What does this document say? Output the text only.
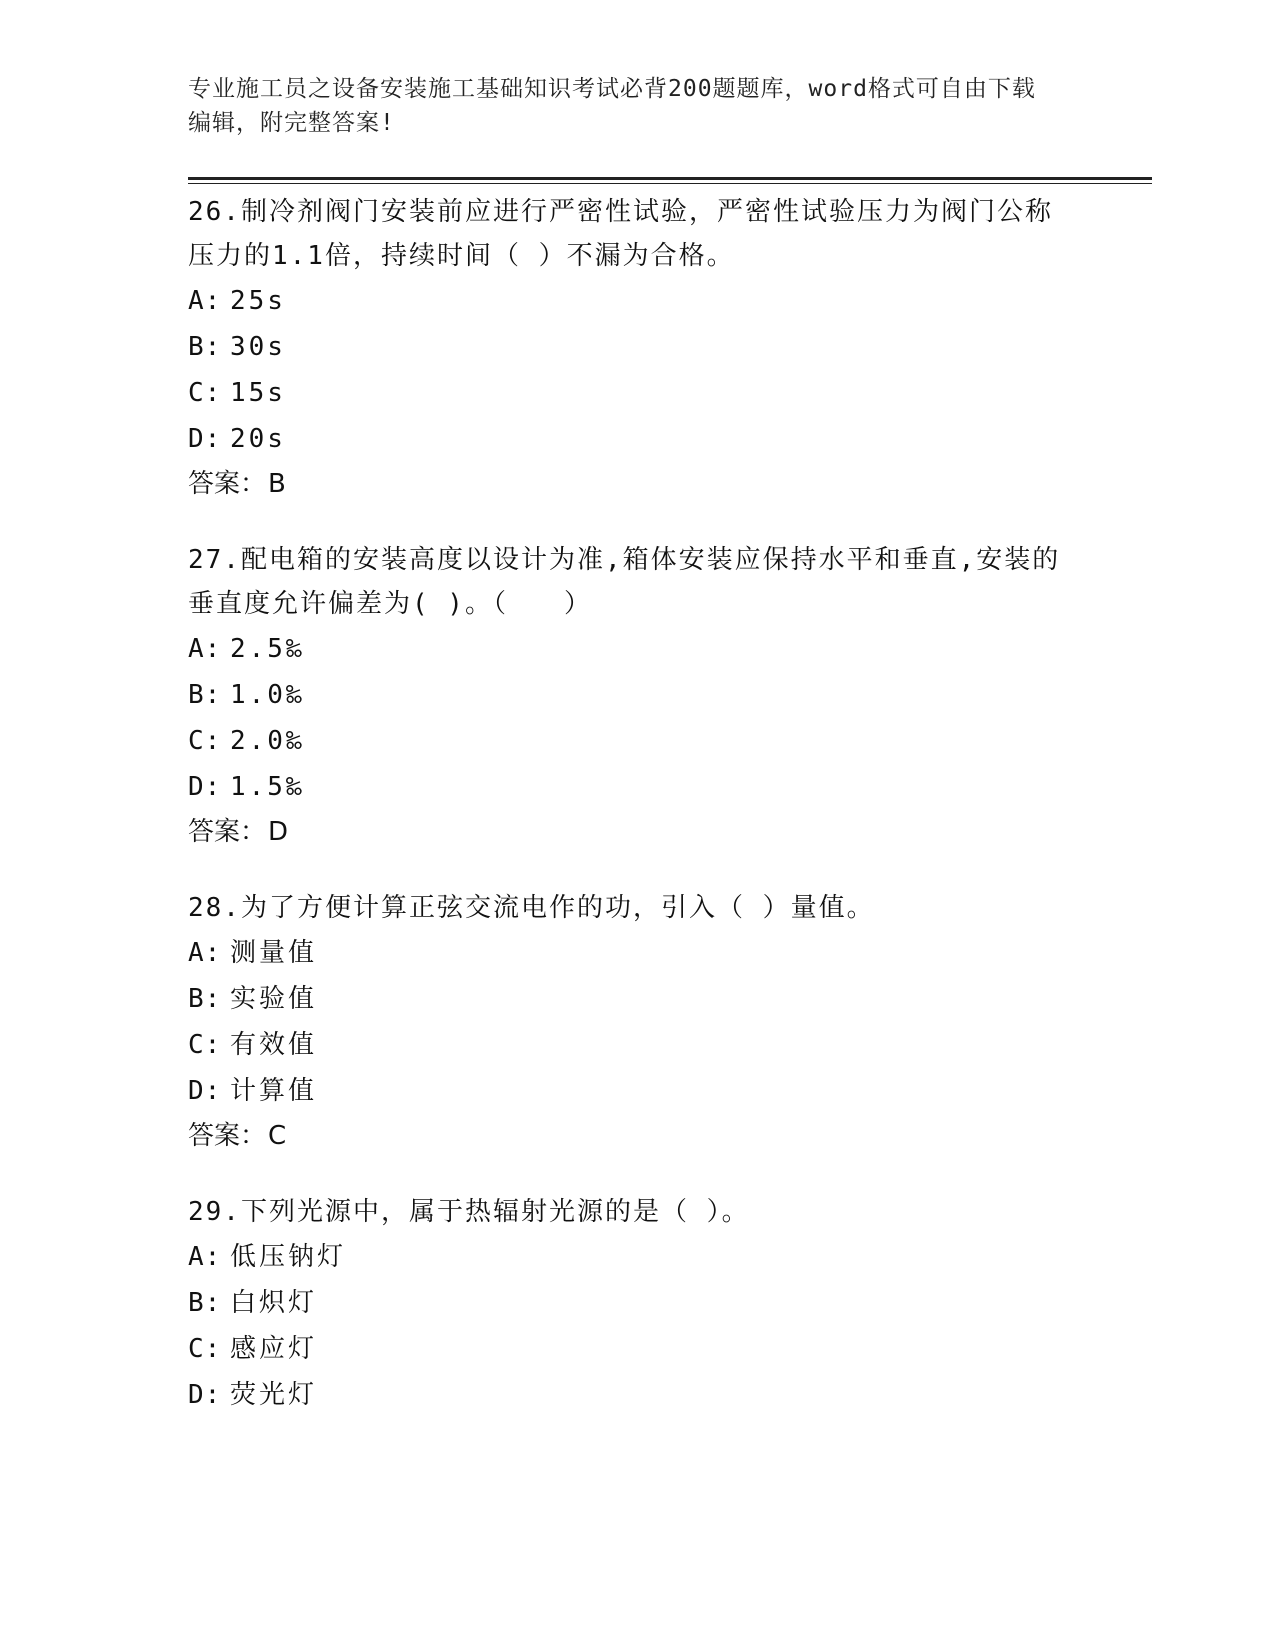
专业施工员之设备安装施工基础知识考试必背200题题库，word格式可自由下载
编辑，附完整答案!

26.制冷剂阀门安装前应进行严密性试验，严密性试验压力为阀门公称
压力的1.1倍，持续时间（ ）不漏为合格。

A: 25s
B: 30s
C: 15s
D: 20s

答案： B

27.配电箱的安装高度以设计为准,箱体安装应保持水平和垂直,安装的
垂直度允许偏差为( )。（　　）

A: 2.5‰
B: 1.0‰
C: 2.0‰
D: 1.5‰

答案： D

28.为了方便计算正弦交流电作的功，引入（ ）量值。

A: 测量值
B: 实验值
C: 有效值
D: 计算值

答案： C

29.下列光源中，属于热辐射光源的是（ ）。

A: 低压钠灯
B: 白炽灯
C: 感应灯
D: 荧光灯
